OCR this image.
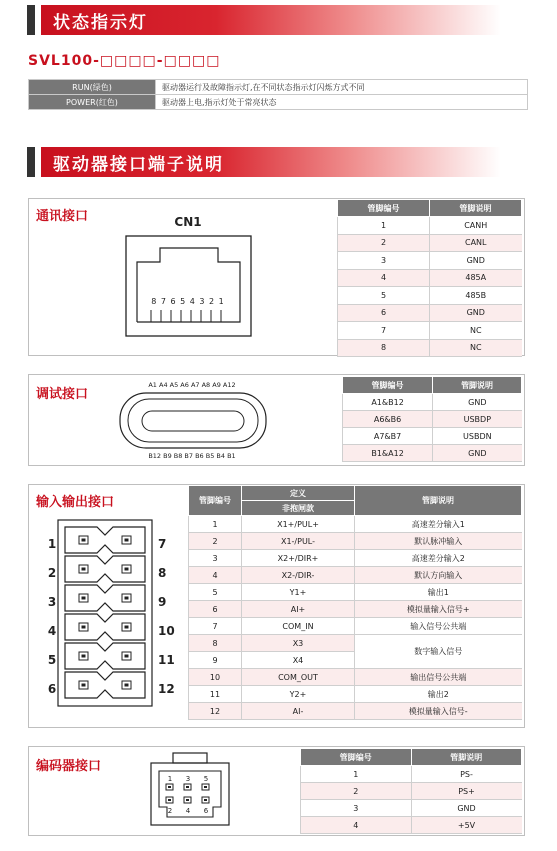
状态指示灯
SVL100-□□□□-□□□□
RUN(绿色)	驱动器运行及故障指示灯,在不同状态指示灯闪烁方式不同
POWER(红色)	驱动器上电,指示灯处于常亮状态
驱动器接口端子说明
通讯接口	CN1
8 7 6 5 4 3 2 1
管脚编号	管脚说明
1	CANH
2	CANL
3	GND
4	485A
5	485B
6	GND
7	NC
8	NC
调试接口
A1 A4 A5 A6 A7 A8 A9 A12
B12 B9 B8 B7 B6 B5 B4 B1
管脚编号	管脚说明
A1&B12	GND
A6&B6	USBDP
A7&B7	USBDN
B1&A12	GND
输入输出接口
1
2
3
4
5
6
7
8
9
10
11
12
管脚编号	定义	管脚说明
	非抱闸款	
1	X1+/PUL+	高速差分输入1
2	X1-/PUL-	默认脉冲输入
3	X2+/DIR+	高速差分输入2
4	X2-/DIR-	默认方向输入
5	Y1+	输出1
6	AI+	模拟量输入信号+
7	COM_IN	输入信号公共端
8	X3	数字输入信号
9	X4	
10	COM_OUT	输出信号公共端
11	Y2+	输出2
12	AI-	模拟量输入信号-
编码器接口
1 3 5
2 4 6
管脚编号	管脚说明
1	PS-
2	PS+
3	GND
4	+5V
